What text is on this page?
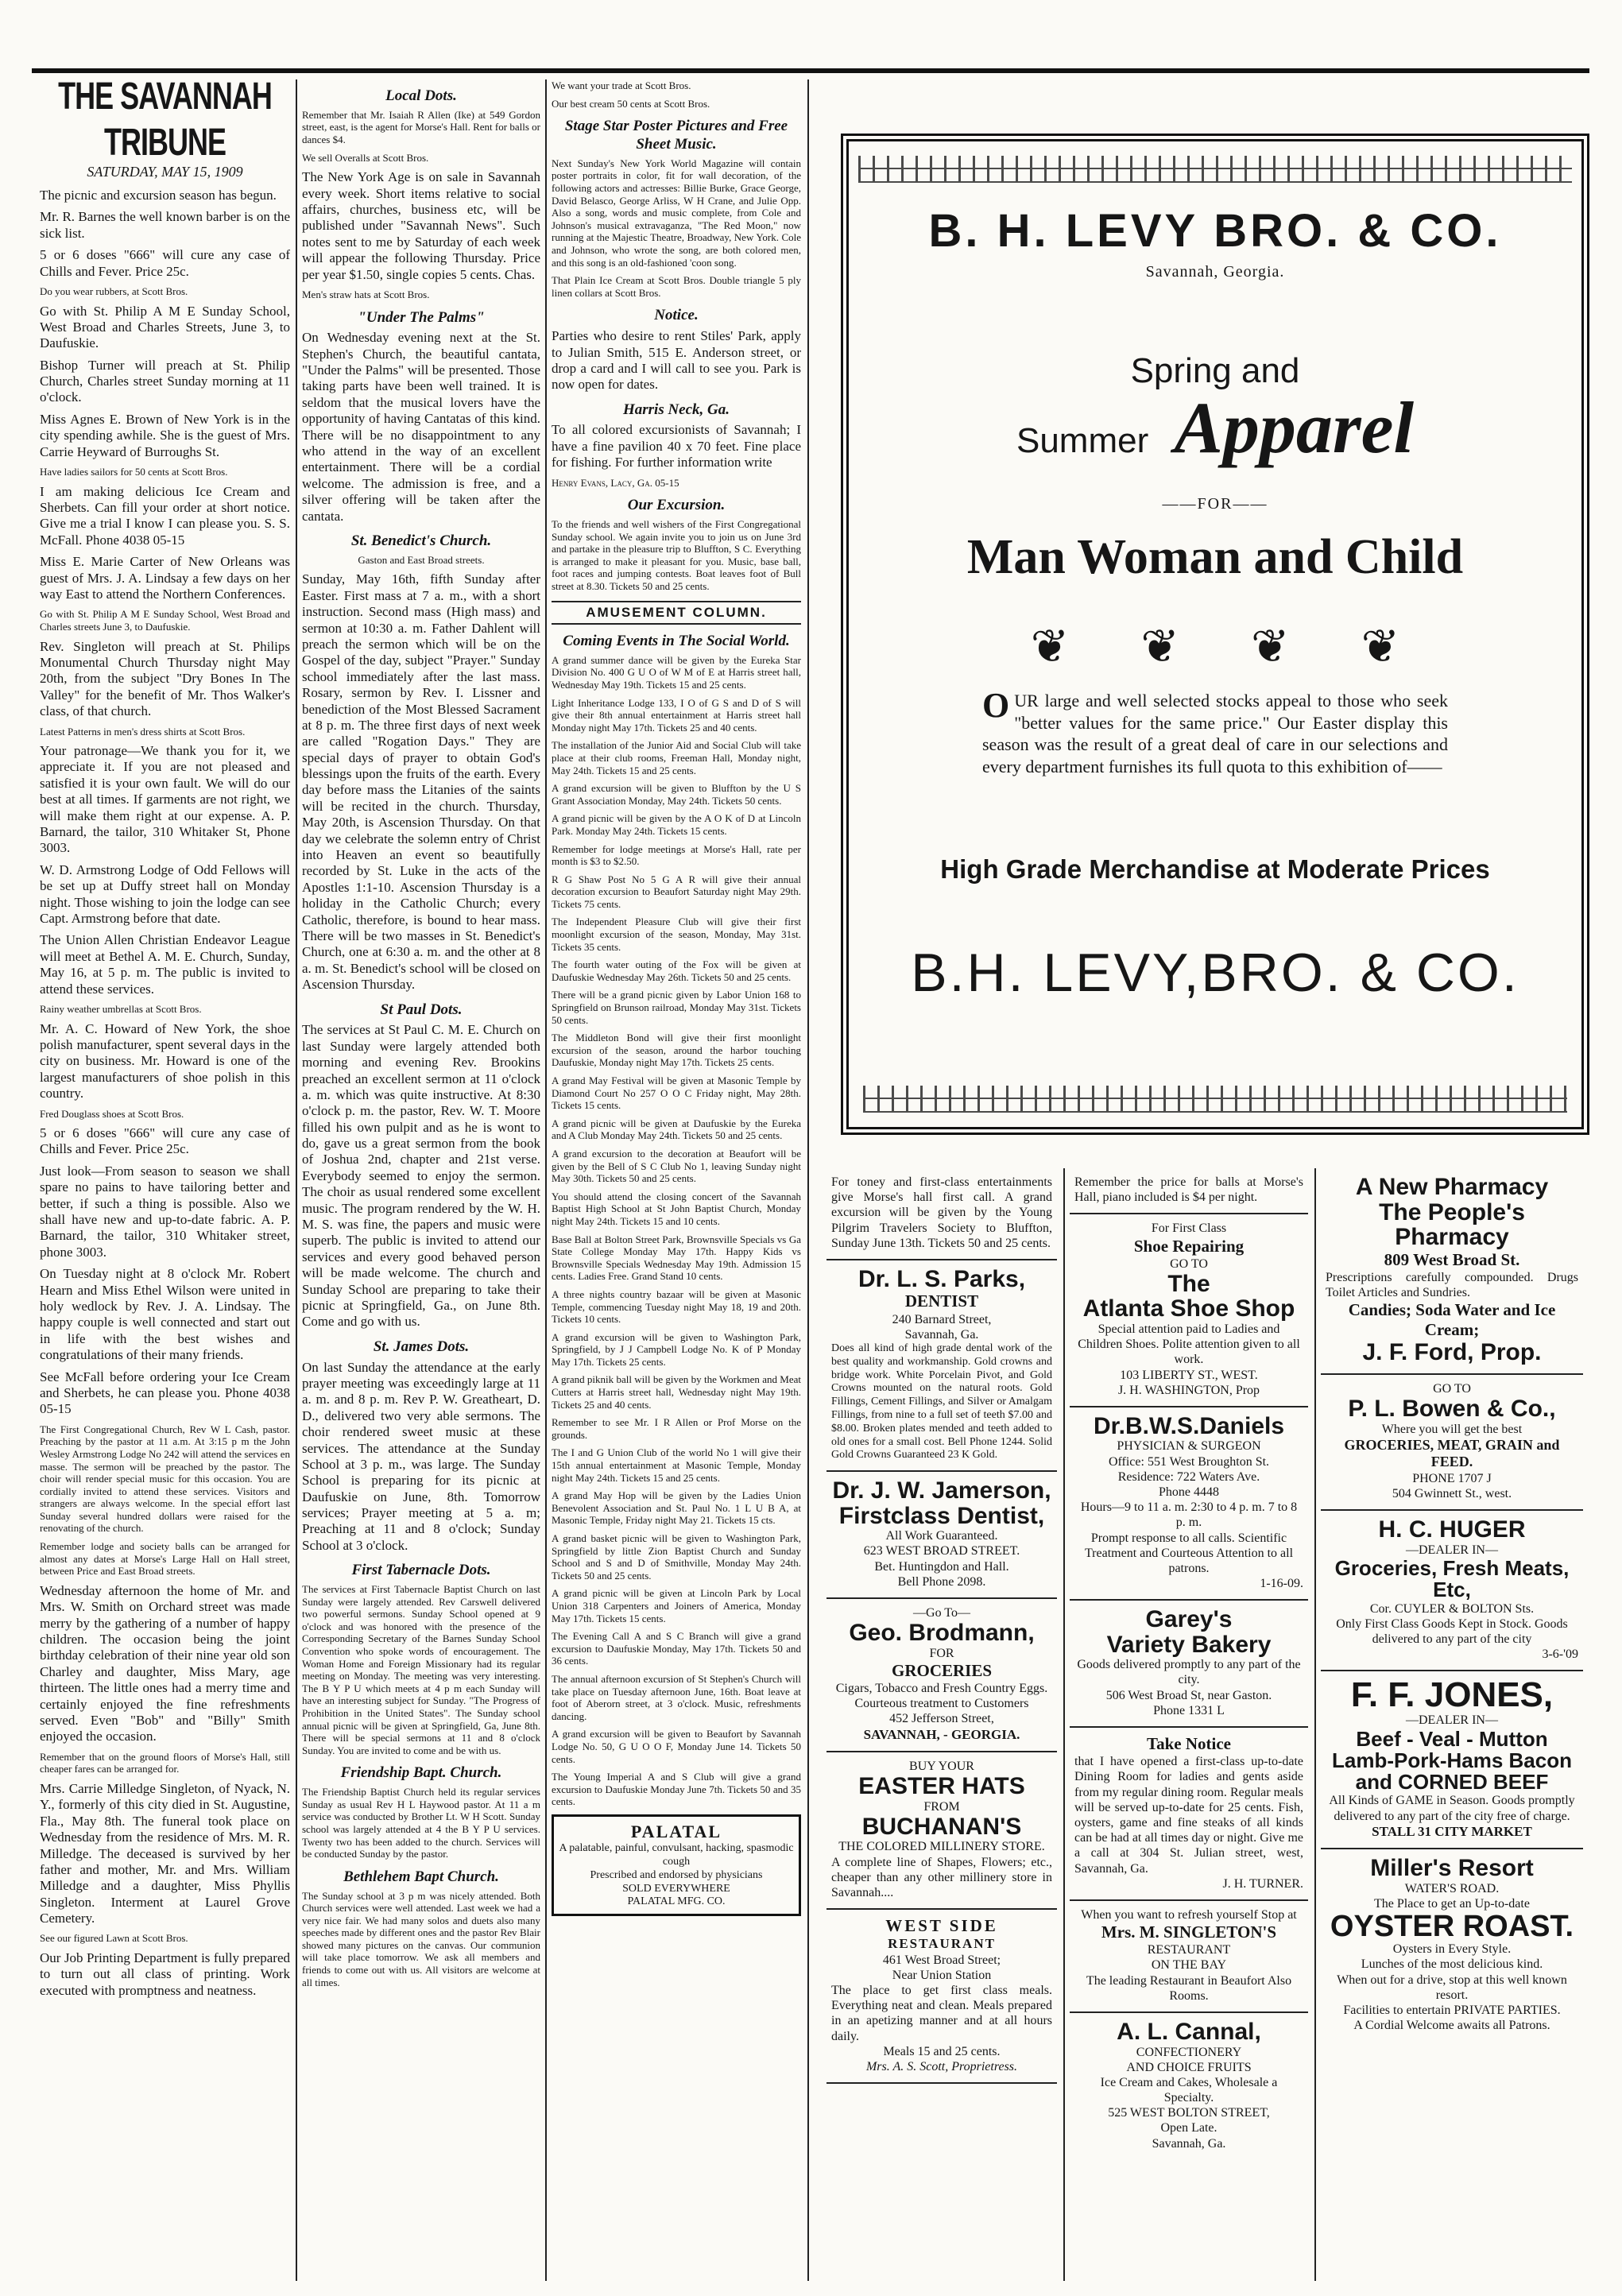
THE SAVANNAH TRIBUNE
SATURDAY, MAY 15, 1909

The picnic and excursion season has begun.

Mr. R. Barnes the well known barber is on the sick list.

5 or 6 doses "666" will cure any case of Chills and Fever. Price 25c.

Do you wear rubbers, at Scott Bros.

Go with St. Philip A M E Sunday School, West Broad and Charles Streets, June 3, to Daufuskie.

Bishop Turner will preach at St. Philip Church, Charles street Sunday morning at 11 o'clock.

Miss Agnes E. Brown of New York is in the city spending awhile. She is the guest of Mrs. Carrie Heyward of Burroughs St.

Have ladies sailors for 50 cents at Scott Bros.

I am making delicious Ice Cream and Sherbets. Can fill your order at short notice. Give me a trial I know I can please you. S. S. McFall. Phone 4038 05-15

Miss E. Marie Carter of New Orleans was guest of Mrs. J. A. Lindsay a few days on her way East to attend the Northern Conferences.

Go with St. Philip A M E Sunday School, West Broad and Charles streets June 3, to Daufuskie.

Rev. Singleton will preach at St. Philips Monumental Church Thursday night May 20th, from the subject "Dry Bones In The Valley" for the benefit of Mr. Thos Walker's class, of that church.

Latest Patterns in men's dress shirts at Scott Bros.

Your patronage—We thank you for it, we appreciate it. If you are not pleased and satisfied it is your own fault. We will do our best at all times. If garments are not right, we will make them right at our expense. A. P. Barnard, the tailor, 310 Whitaker St, Phone 3003.

W. D. Armstrong Lodge of Odd Fellows will be set up at Duffy street hall on Monday night. Those wishing to join the lodge can see Capt. Armstrong before that date.

The Union Allen Christian Endeavor League will meet at Bethel A. M. E. Church, Sunday, May 16, at 5 p. m. The public is invited to attend these services.

Rainy weather umbrellas at Scott Bros.

Mr. A. C. Howard of New York, the shoe polish manufacturer, spent several days in the city on business. Mr. Howard is one of the largest manufacturers of shoe polish in this country.

Fred Douglass shoes at Scott Bros.

5 or 6 doses "666" will cure any case of Chills and Fever. Price 25c.

Just look—From season to season we shall spare no pains to have tailoring better and better, if such a thing is possible. Also we shall have new and up-to-date fabric. A. P. Barnard, the tailor, 310 Whitaker street, phone 3003.

On Tuesday night at 8 o'clock Mr. Robert Hearn and Miss Ethel Wilson were united in holy wedlock by Rev. J. A. Lindsay. The happy couple is well connected and start out in life with the best wishes and congratulations of their many friends.

See McFall before ordering your Ice Cream and Sherbets, he can please you. Phone 4038 05-15

The First Congregational Church, Rev W L Cash, pastor. Preaching by the pastor at 11 a.m. At 3:15 p m the John Wesley Armstrong Lodge No 242 will attend the services en masse. The sermon will be preached by the pastor. The choir will render special music for this occasion. You are cordially invited to attend these services. Visitors and strangers are always welcome. In the special effort last Sunday several hundred dollars were raised for the renovating of the church.

Remember lodge and society balls can be arranged for almost any dates at Morse's Large Hall on Hall street, between Price and East Broad streets.

Wednesday afternoon the home of Mr. and Mrs. W. Smith on Orchard street was made merry by the gathering of a number of happy children. The occasion being the joint birthday celebration of their nine year old son Charley and daughter, Miss Mary, age thirteen. The little ones had a merry time and certainly enjoyed the fine refreshments served. Even "Bob" and "Billy" Smith enjoyed the occasion.

Remember that on the ground floors of Morse's Hall, still cheaper fares can be arranged for.

Mrs. Carrie Milledge Singleton, of Nyack, N. Y., formerly of this city died in St. Augustine, Fla., May 8th. The funeral took place on Wednesday from the residence of Mrs. M. R. Milledge. The deceased is survived by her father and mother, Mr. and Mrs. William Milledge and a daughter, Miss Phyllis Singleton. Interment at Laurel Grove Cemetery.

See our figured Lawn at Scott Bros.

Our Job Printing Department is fully prepared to turn out all class of printing. Work executed with promptness and neatness.

Local Dots.

Remember that Mr. Isaiah R Allen (Ike) at 549 Gordon street, east, is the agent for Morse's Hall. Rent for balls or dances $4.

We sell Overalls at Scott Bros.

The New York Age is on sale in Savannah every week. Short items relative to social affairs, churches, business etc, will be published under "Savannah News". Such notes sent to me by Saturday of each week will appear the following Thursday. Price per year $1.50, single copies 5 cents. Chas.

Men's straw hats at Scott Bros.

"Under The Palms"

On Wednesday evening next at the St. Stephen's Church, the beautiful cantata, "Under the Palms" will be presented. Those taking parts have been well trained. It is seldom that the musical lovers have the opportunity of having Cantatas of this kind. There will be no disappointment to any who attend in the way of an excellent entertainment. There will be a cordial welcome. The admission is free, and a silver offering will be taken after the cantata.

St. Benedict's Church.

Gaston and East Broad streets.

Sunday, May 16th, fifth Sunday after Easter. First mass at 7 a. m., with a short instruction. Second mass (High mass) and sermon at 10:30 a. m. Father Dahlent will preach the sermon which will be on the Gospel of the day, subject "Prayer." Sunday school immediately after the last mass. Rosary, sermon by Rev. I. Lissner and benediction of the Most Blessed Sacrament at 8 p. m. The three first days of next week are called "Rogation Days." They are special days of prayer to obtain God's blessings upon the fruits of the earth. Every day before mass the Litanies of the saints will be recited in the church. Thursday, May 20th, is Ascension Thursday. On that day we celebrate the solemn entry of Christ into Heaven an event so beautifully recorded by St. Luke in the acts of the Apostles 1:1-10. Ascension Thursday is a holiday in the Catholic Church; every Catholic, therefore, is bound to hear mass. There will be two masses in St. Benedict's Church, one at 6:30 a. m. and the other at 8 a. m. St. Benedict's school will be closed on Ascension Thursday.

St Paul Dots.

The services at St Paul C. M. E. Church on last Sunday were largely attended both morning and evening Rev. Brookins preached an excellent sermon at 11 o'clock a. m. which was quite instructive. At 8:30 o'clock p. m. the pastor, Rev. W. T. Moore filled his own pulpit and as he is wont to do, gave us a great sermon from the book of Joshua 2nd, chapter and 21st verse. Everybody seemed to enjoy the sermon. The choir as usual rendered some excellent music. The program rendered by the W. H. M. S. was fine, the papers and music were superb. The public is invited to attend our services and every good behaved person will be made welcome. The church and Sunday School are preparing to take their picnic at Springfield, Ga., on June 8th. Come and go with us.

St. James Dots.

On last Sunday the attendance at the early prayer meeting was exceedingly large at 11 a. m. and 8 p. m. Rev P. W. Greatheart, D. D., delivered two very able sermons. The choir rendered sweet music at these services. The attendance at the Sunday School at 3 p. m., was large. The Sunday School is preparing for its picnic at Daufuskie on June, 8th. Tomorrow services; Prayer meeting at 5 a. m; Preaching at 11 and 8 o'clock; Sunday School at 3 o'clock.

First Tabernacle Dots.

The services at First Tabernacle Baptist Church on last Sunday were largely attended. Rev Carswell delivered two powerful sermons. Sunday School opened at 9 o'clock and was honored with the presence of the Corresponding Secretary of the Barnes Sunday School Convention who spoke words of encouragement. The Woman Home and Foreign Missionary had its regular meeting on Monday. The meeting was very interesting. The B Y P U which meets at 4 p m each Sunday will have an interesting subject for Sunday. "The Progress of Prohibition in the United States". The Sunday school annual picnic will be given at Springfield, Ga, June 8th. There will be special sermons at 11 and 8 o'clock Sunday. You are invited to come and be with us.

Friendship Bapt. Church.

The Friendship Baptist Church held its regular services Sunday as usual Rev H L Haywood pastor. At 11 a m service was conducted by Brother Lt. W H Scott. Sunday school was largely attended at 4 the B Y P U services. Twenty two has been added to the church. Services will be conducted Sunday by the pastor.

Bethlehem Bapt Church.

The Sunday school at 3 p m was nicely attended. Both Church services were well attended. Last week we had a very nice fair. We had many solos and duets also many speeches made by different ones and the pastor Rev Blair showed many pictures on the canvas. Our communion will take place tomorrow. We ask all members and friends to come out with us. All visitors are welcome at all times.

We want your trade at Scott Bros.

Our best cream 50 cents at Scott Bros.

Stage Star Poster Pictures and Free Sheet Music.

Next Sunday's New York World Magazine will contain poster portraits in color, fit for wall decoration, of the following actors and actresses: Billie Burke, Grace George, David Belasco, George Arliss, W H Crane, and Julie Opp. Also a song, words and music complete, from Cole and Johnson's musical extravaganza, "The Red Moon," now running at the Majestic Theatre, Broadway, New York. Cole and Johnson, who wrote the song, are both colored men, and this song is an old-fashioned 'coon song.

That Plain Ice Cream at Scott Bros. Double triangle 5 ply linen collars at Scott Bros.

Notice.

Parties who desire to rent Stiles' Park, apply to Julian Smith, 515 E. Anderson street, or drop a card and I will call to see you. Park is now open for dates.

Harris Neck, Ga.

To all colored excursionists of Savannah; I have a fine pavilion 40 x 70 feet. Fine place for fishing. For further information write

Henry Evans, Lacy, Ga. 05-15

Our Excursion.

To the friends and well wishers of the First Congregational Sunday school. We again invite you to join us on June 3rd and partake in the pleasure trip to Bluffton, S C. Everything is arranged to make it pleasant for you. Music, base ball, foot races and jumping contests. Boat leaves foot of Bull street at 8.30. Tickets 50 and 25 cents.

AMUSEMENT COLUMN.
Coming Events in The Social World.

A grand summer dance will be given by the Eureka Star Division No. 400 G U O of W M of E at Harris street hall, Wednesday May 19th. Tickets 15 and 25 cents.

Light Inheritance Lodge 133, I O of G S and D of S will give their 8th annual entertainment at Harris street hall Monday night May 17th. Tickets 25 and 40 cents.

The installation of the Junior Aid and Social Club will take place at their club rooms, Freeman Hall, Monday night, May 24th. Tickets 15 and 25 cents.

A grand excursion will be given to Bluffton by the U S Grant Association Monday, May 24th. Tickets 50 cents.

A grand picnic will be given by the A O K of D at Lincoln Park. Monday May 24th. Tickets 15 cents.

Remember for lodge meetings at Morse's Hall, rate per month is $3 to $2.50.

R G Shaw Post No 5 G A R will give their annual decoration excursion to Beaufort Saturday night May 29th. Tickets 75 cents.

The Independent Pleasure Club will give their first moonlight excursion of the season, Monday, May 31st. Tickets 35 cents.

The fourth water outing of the Fox will be given at Daufuskie Wednesday May 26th. Tickets 50 and 25 cents.

There will be a grand picnic given by Labor Union 168 to Springfield on Brunson railroad, Monday May 31st. Tickets 50 cents.

The Middleton Bond will give their first moonlight excursion of the season, around the harbor touching Daufuskie, Monday night May 17th. Tickets 25 cents.

A grand May Festival will be given at Masonic Temple by Diamond Court No 257 O O C Friday night, May 28th. Tickets 15 cents.

A grand picnic will be given at Daufuskie by the Eureka and A Club Monday May 24th. Tickets 50 and 25 cents.

A grand excursion to the decoration at Beaufort will be given by the Bell of S C Club No 1, leaving Sunday night May 30th. Tickets 50 and 25 cents.

You should attend the closing concert of the Savannah Baptist High School at St John Baptist Church, Monday night May 24th. Tickets 15 and 10 cents.

Base Ball at Bolton Street Park, Brownsville Specials vs Ga State College Monday May 17th. Happy Kids vs Brownsville Specials Wednesday May 19th. Admission 15 cents. Ladies Free. Grand Stand 10 cents.

A three nights country bazaar will be given at Masonic Temple, commencing Tuesday night May 18, 19 and 20th. Tickets 10 cents.

A grand excursion will be given to Washington Park, Springfield, by J J Campbell Lodge No. K of P Monday May 17th. Tickets 25 cents.

A grand piknik ball will be given by the Workmen and Meat Cutters at Harris street hall, Wednesday night May 19th. Tickets 25 and 40 cents.

Remember to see Mr. I R Allen or Prof Morse on the grounds.

The I and G Union Club of the world No 1 will give their 15th annual entertainment at Masonic Temple, Monday night May 24th. Tickets 15 and 25 cents.

A grand May Hop will be given by the Ladies Union Benevolent Association and St. Paul No. 1 L U B A, at Masonic Temple, Friday night May 21. Tickets 15 cts.

A grand basket picnic will be given to Washington Park, Springfield by little Zion Baptist Church and Sunday School and S and D of Smithville, Monday May 24th. Tickets 50 and 25 cents.

A grand picnic will be given at Lincoln Park by Local Union 318 Carpenters and Joiners of America, Monday May 17th. Tickets 15 cents.

The Evening Call A and S C Branch will give a grand excursion to Daufuskie Monday, May 17th. Tickets 50 and 36 cents.

The annual afternoon excursion of St Stephen's Church will take place on Tuesday afternoon June, 16th. Boat leave at foot of Aberorn street, at 3 o'clock. Music, refreshments dancing.

A grand excursion will be given to Beaufort by Savannah Lodge No. 50, G U O O F, Monday June 14. Tickets 50 cents.

The Young Imperial A and S Club will give a grand excursion to Daufuskie Monday June 7th. Tickets 50 and 35 cents.

PALATAL
A palatable, painful, convulsant, hacking, spasmodic cough
Prescribed and endorsed by physicians
SOLD EVERYWHERE
PALATAL MFG. CO.
B. H. LEVY BRO. & CO.
Savannah, Georgia.
Spring and
Summer Apparel
——FOR——
Man Woman and Child
❦❦❦❦
OUR large and well selected stocks appeal to those who seek "better values for the same price." Our Easter display this season was the result of a great deal of care in our selections and every department furnishes its full quota to this exhibition of——
High Grade Merchandise at Moderate Prices
B.H. LEVY,BRO. & CO.
For toney and first-class entertainments give Morse's hall first call. A grand excursion will be given by the Young Pilgrim Travelers Society to Bluffton, Sunday June 13th. Tickets 50 and 25 cents.
Dr. L. S. Parks,
DENTIST
240 Barnard Street,
Savannah, Ga.
Does all kind of high grade dental work of the best quality and workmanship. Gold crowns and bridge work. White Porcelain Pivot, and Gold Crowns mounted on the natural roots. Gold Fillings, Cement Fillings, and Silver or Amalgam Fillings, from nine to a full set of teeth $7.00 and $8.00. Broken plates mended and teeth added to old ones for a small cost. Bell Phone 1244. Solid Gold Crowns Guaranteed 23 K Gold.
Dr. J. W. Jamerson,
Firstclass Dentist,
All Work Guaranteed.
623 WEST BROAD STREET.
Bet. Huntingdon and Hall.
Bell Phone 2098.
—Go To—
Geo. Brodmann,
FOR
GROCERIES
Cigars, Tobacco and Fresh Country Eggs. Courteous treatment to Customers
452 Jefferson Street,
SAVANNAH, - GEORGIA.
BUY YOUR
EASTER HATS
FROM
BUCHANAN'S
THE COLORED MILLINERY STORE.
A complete line of Shapes, Flowers; etc., cheaper than any other millinery store in Savannah....
WEST SIDE
RESTAURANT
461 West Broad Street;
Near Union Station
The place to get first class meals. Everything neat and clean. Meals prepared in an apetizing manner and at all hours daily.
Meals 15 and 25 cents.
Mrs. A. S. Scott, Proprietress.
Remember the price for balls at Morse's Hall, piano included is $4 per night.
For First Class
Shoe Repairing
GO TO
The
Atlanta Shoe Shop
Special attention paid to Ladies and Children Shoes. Polite attention given to all work.
103 LIBERTY ST., WEST.
J. H. WASHINGTON, Prop
Dr.B.W.S.Daniels
PHYSICIAN & SURGEON
Office: 551 West Broughton St.
Residence: 722 Waters Ave.
Phone 4448
Hours—9 to 11 a. m. 2:30 to 4 p. m. 7 to 8 p. m.
Prompt response to all calls. Scientific Treatment and Courteous Attention to all patrons.
1-16-09.
Garey's
Variety Bakery
Goods delivered promptly to any part of the city.
506 West Broad St, near Gaston.
Phone 1331 L
Take Notice
that I have opened a first-class up-to-date Dining Room for ladies and gents aside from my regular dining room. Regular meals will be served up-to-date for 25 cents. Fish, oysters, game and fine steaks of all kinds can be had at all times day or night. Give me a call at 304 St. Julian street, west, Savannah, Ga.
J. H. TURNER.
When you want to refresh yourself Stop at
Mrs. M. SINGLETON'S
RESTAURANT
ON THE BAY
The leading Restaurant in Beaufort Also Rooms.
A. L. Cannal,
CONFECTIONERY
AND CHOICE FRUITS
Ice Cream and Cakes, Wholesale a Specialty.
525 WEST BOLTON STREET,
Open Late.
Savannah, Ga.
A New Pharmacy
The People's Pharmacy
809 West Broad St.
Prescriptions carefully compounded. Drugs Toilet Articles and Sundries.
Candies; Soda Water and Ice Cream;
J. F. Ford, Prop.
GO TO
P. L. Bowen & Co.,
Where you will get the best
GROCERIES, MEAT, GRAIN and FEED.
PHONE 1707 J
504 Gwinnett St., west.
H. C. HUGER
—DEALER IN—
Groceries, Fresh Meats, Etc,
Cor. CUYLER & BOLTON Sts.
Only First Class Goods Kept in Stock. Goods delivered to any part of the city
3-6-'09
F. F. JONES,
—DEALER IN—
Beef - Veal - Mutton Lamb-Pork-Hams Bacon and CORNED BEEF
All Kinds of GAME in Season. Goods promptly delivered to any part of the city free of charge.
STALL 31 CITY MARKET
Miller's Resort
WATER'S ROAD.
The Place to get an Up-to-date
OYSTER ROAST.
Oysters in Every Style.
Lunches of the most delicious kind.
When out for a drive, stop at this well known resort.
Facilities to entertain PRIVATE PARTIES.
A Cordial Welcome awaits all Patrons.
